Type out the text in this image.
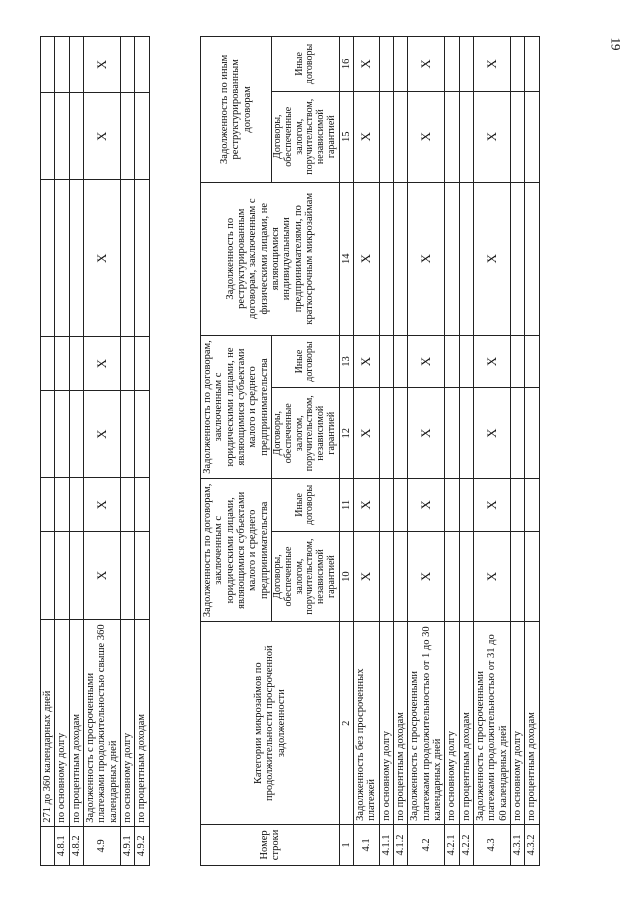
19
	271 до 360 календарных дней							
4.8.1	по основному долгу							
4.8.2	по процентным доходам							
4.9	Задолженность с просроченными платежами продолжительностью свыше 360 календарных дней	X	X	X	X	X	X	X
4.9.1	по основному долгу							
4.9.2	по процентным доходам							
Номер строки	Категории микрозаймов по продолжительности просроченной задолженности	Задолженность по договорам, заключенным с юридическими лицами, являющимися субъектами малого и среднего предпринимательства		Задолженность по договорам, заключенным с юридическими лицами, не являющимися субъектами малого и среднего предпринимательства		Задолженность по реструктурированным договорам, заключенным с физическими лицами, не являющимися индивидуальными предпринимателями, по краткосрочным микрозаймам	Задолженность по иным реструктурированным договорам	
		Договоры, обеспеченные залогом, поручительством, независимой гарантией	Иные договоры	Договоры, обеспеченные залогом, поручительством, независимой гарантией	Иные договоры		Договоры, обеспеченные залогом, поручительством, независимой гарантией	Иные договоры
1	2	10	11	12	13	14	15	16
4.1	Задолженность без просроченных платежей	X	X	X	X	X	X	X
4.1.1	по основному долгу							
4.1.2	по процентным доходам							
4.2	Задолженность с просроченными платежами продолжительностью от 1 до 30 календарных дней	X	X	X	X	X	X	X
4.2.1	по основному долгу							
4.2.2	по процентным доходам							
4.3	Задолженность с просроченными платежами продолжительностью от 31 до 60 календарных дней	X	X	X	X	X	X	X
4.3.1	по основному долгу							
4.3.2	по процентным доходам							
